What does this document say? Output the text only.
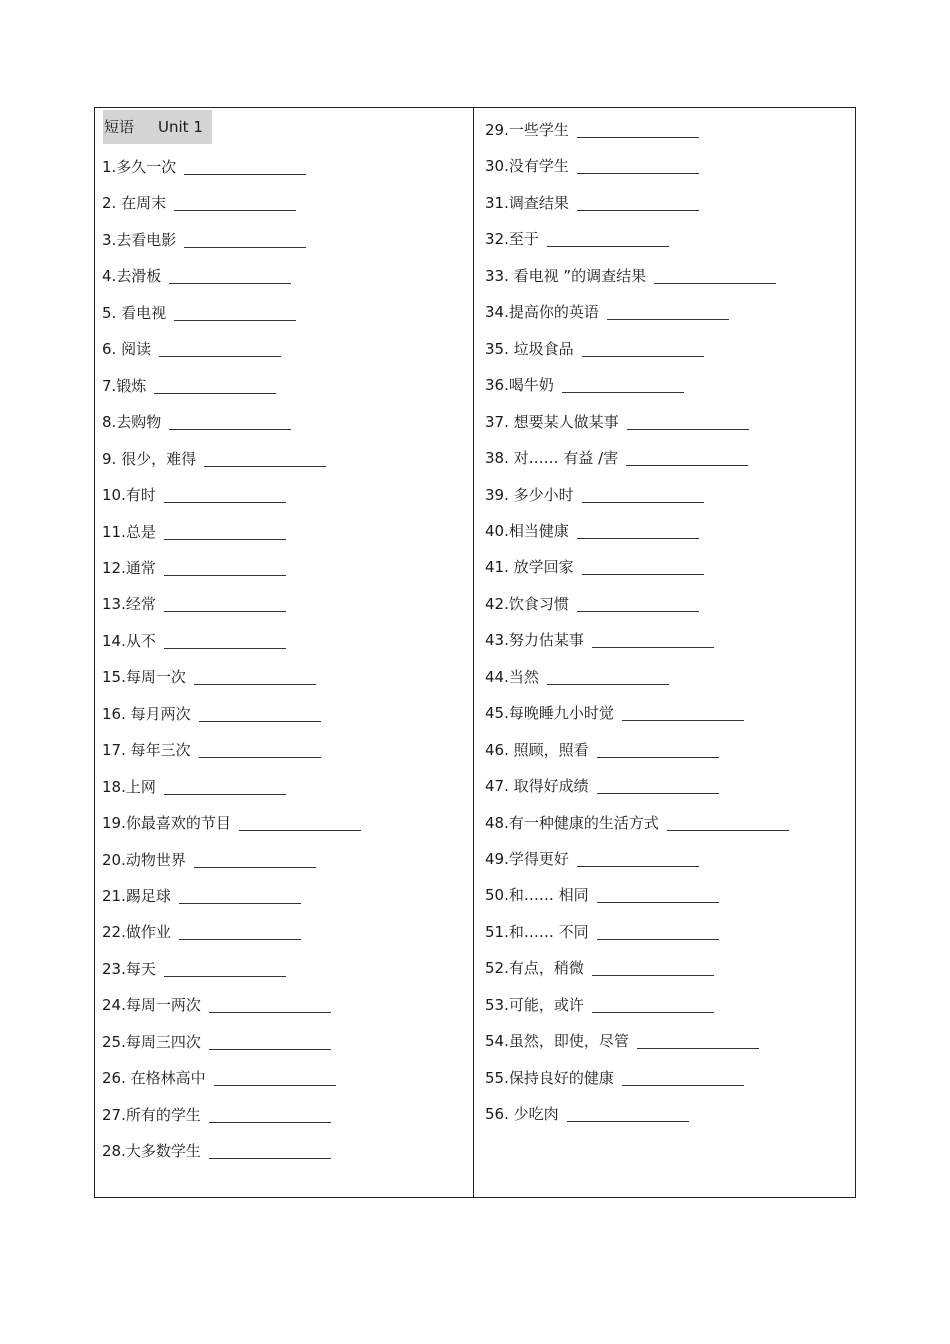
短语 Unit 1
1.多久一次
2. 在周末
3.去看电影
4.去滑板
5. 看电视
6. 阅读
7.锻炼
8.去购物
9. 很少，难得
10.有时
11.总是
12.通常
13.经常
14.从不
15.每周一次
16. 每月两次
17. 每年三次
18.上网
19.你最喜欢的节目
20.动物世界
21.踢足球
22.做作业
23.每天
24.每周一两次
25.每周三四次
26. 在格林高中
27.所有的学生
28.大多数学生
29.一些学生
30.没有学生
31.调查结果
32.至于
33. 看电视 ”的调查结果
34.提高你的英语
35. 垃圾食品
36.喝牛奶
37. 想要某人做某事
38. 对…… 有益 /害
39. 多少小时
40.相当健康
41. 放学回家
42.饮食习惯
43.努力估某事
44.当然
45.每晚睡九小时觉
46. 照顾，照看
47. 取得好成绩
48.有一种健康的生活方式
49.学得更好
50.和…… 相同
51.和…… 不同
52.有点，稍微
53.可能，或许
54.虽然，即使，尽管
55.保持良好的健康
56. 少吃肉
